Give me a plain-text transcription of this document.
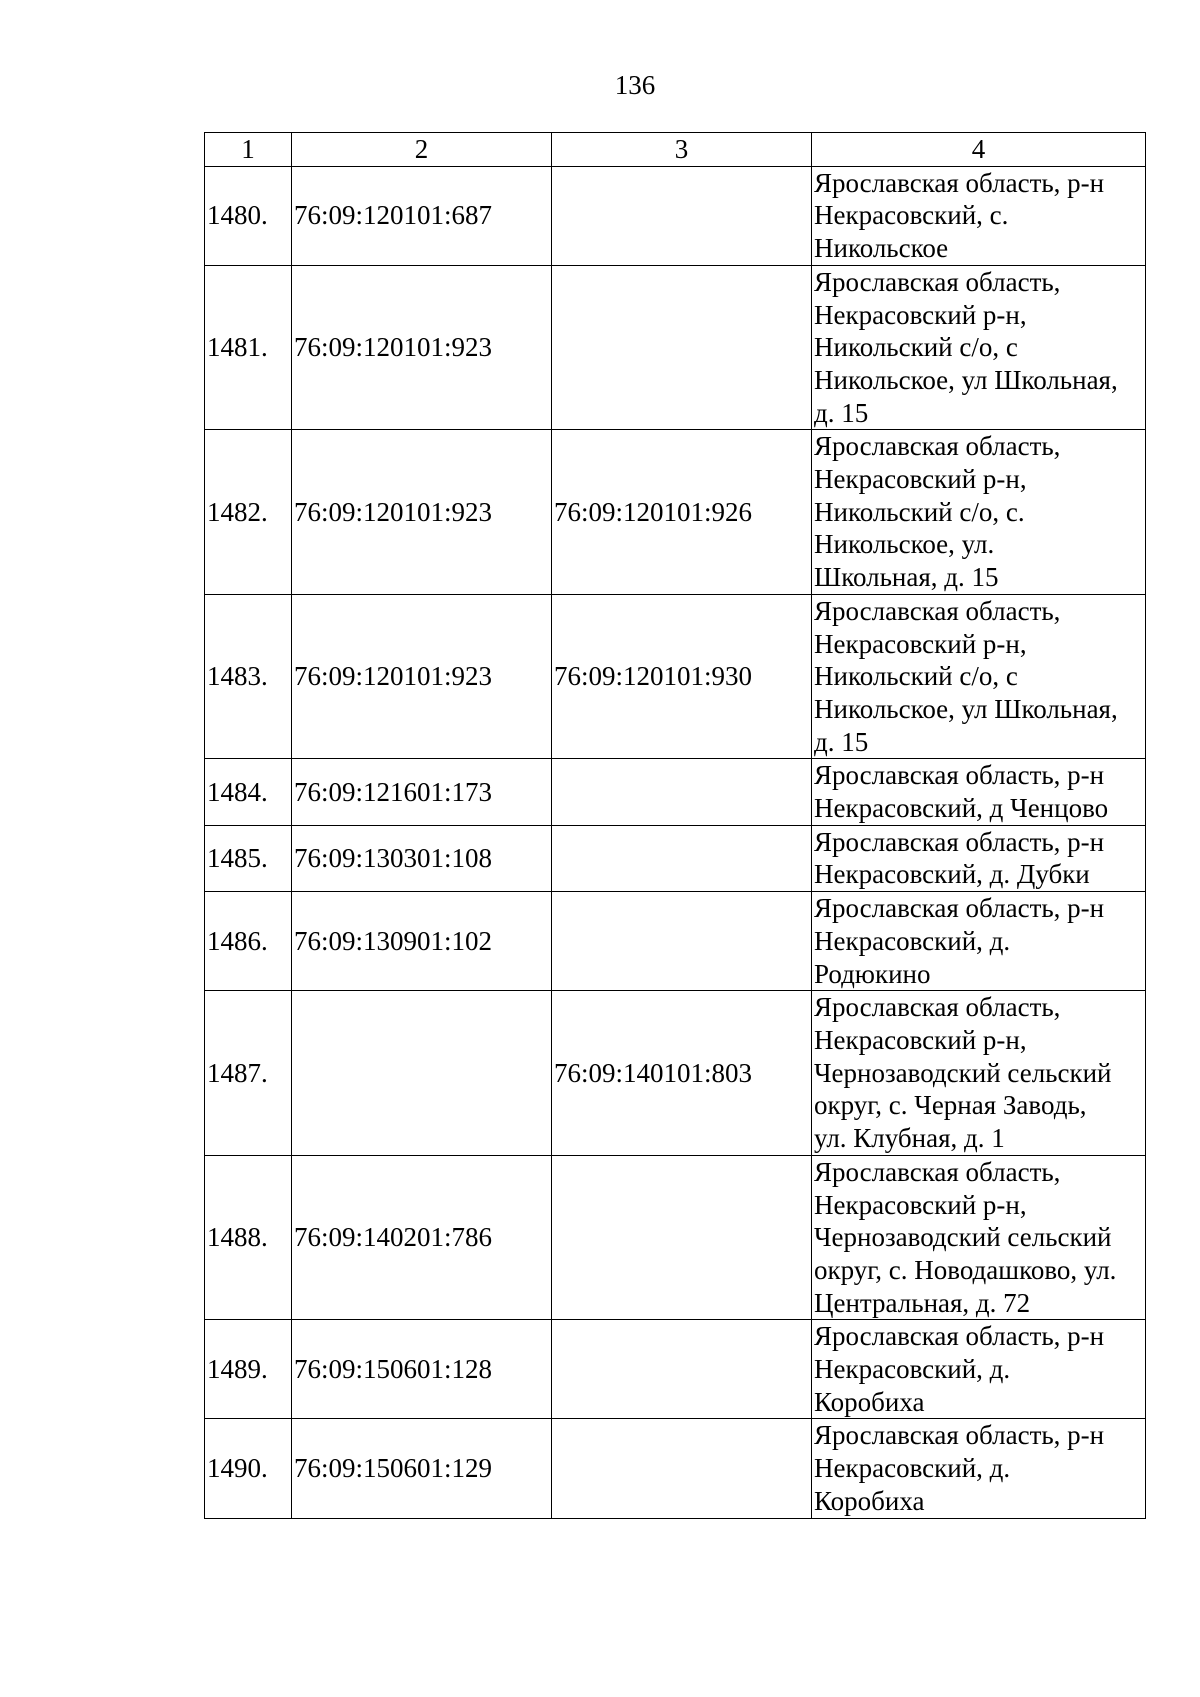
136
1	2	3	4
1480.	76:09:120101:687		Ярославская область, р-н
Некрасовский, с.
Никольское

1481.	76:09:120101:923		Ярославская область,
Некрасовский р-н,
Никольский с/о, с
Никольское, ул Школьная,
д. 15

1482.	76:09:120101:923	76:09:120101:926	Ярославская область,
Некрасовский р-н,
Никольский с/о, с.
Никольское, ул.
Школьная, д. 15

1483.	76:09:120101:923	76:09:120101:930	Ярославская область,
Некрасовский р-н,
Никольский с/о, с
Никольское, ул Школьная,
д. 15

1484.	76:09:121601:173		Ярославская область, р-н
Некрасовский, д Ченцово

1485.	76:09:130301:108		Ярославская область, р-н
Некрасовский, д. Дубки

1486.	76:09:130901:102		Ярославская область, р-н
Некрасовский, д.
Родюкино

1487.		76:09:140101:803	Ярославская область,
Некрасовский р-н,
Чернозаводский сельский
округ, с. Черная Заводь,
ул. Клубная, д. 1

1488.	76:09:140201:786		Ярославская область,
Некрасовский р-н,
Чернозаводский сельский
округ, с. Новодашково, ул.
Центральная, д. 72

1489.	76:09:150601:128		Ярославская область, р-н
Некрасовский, д.
Коробиха

1490.	76:09:150601:129		Ярославская область, р-н
Некрасовский, д.
Коробиха
